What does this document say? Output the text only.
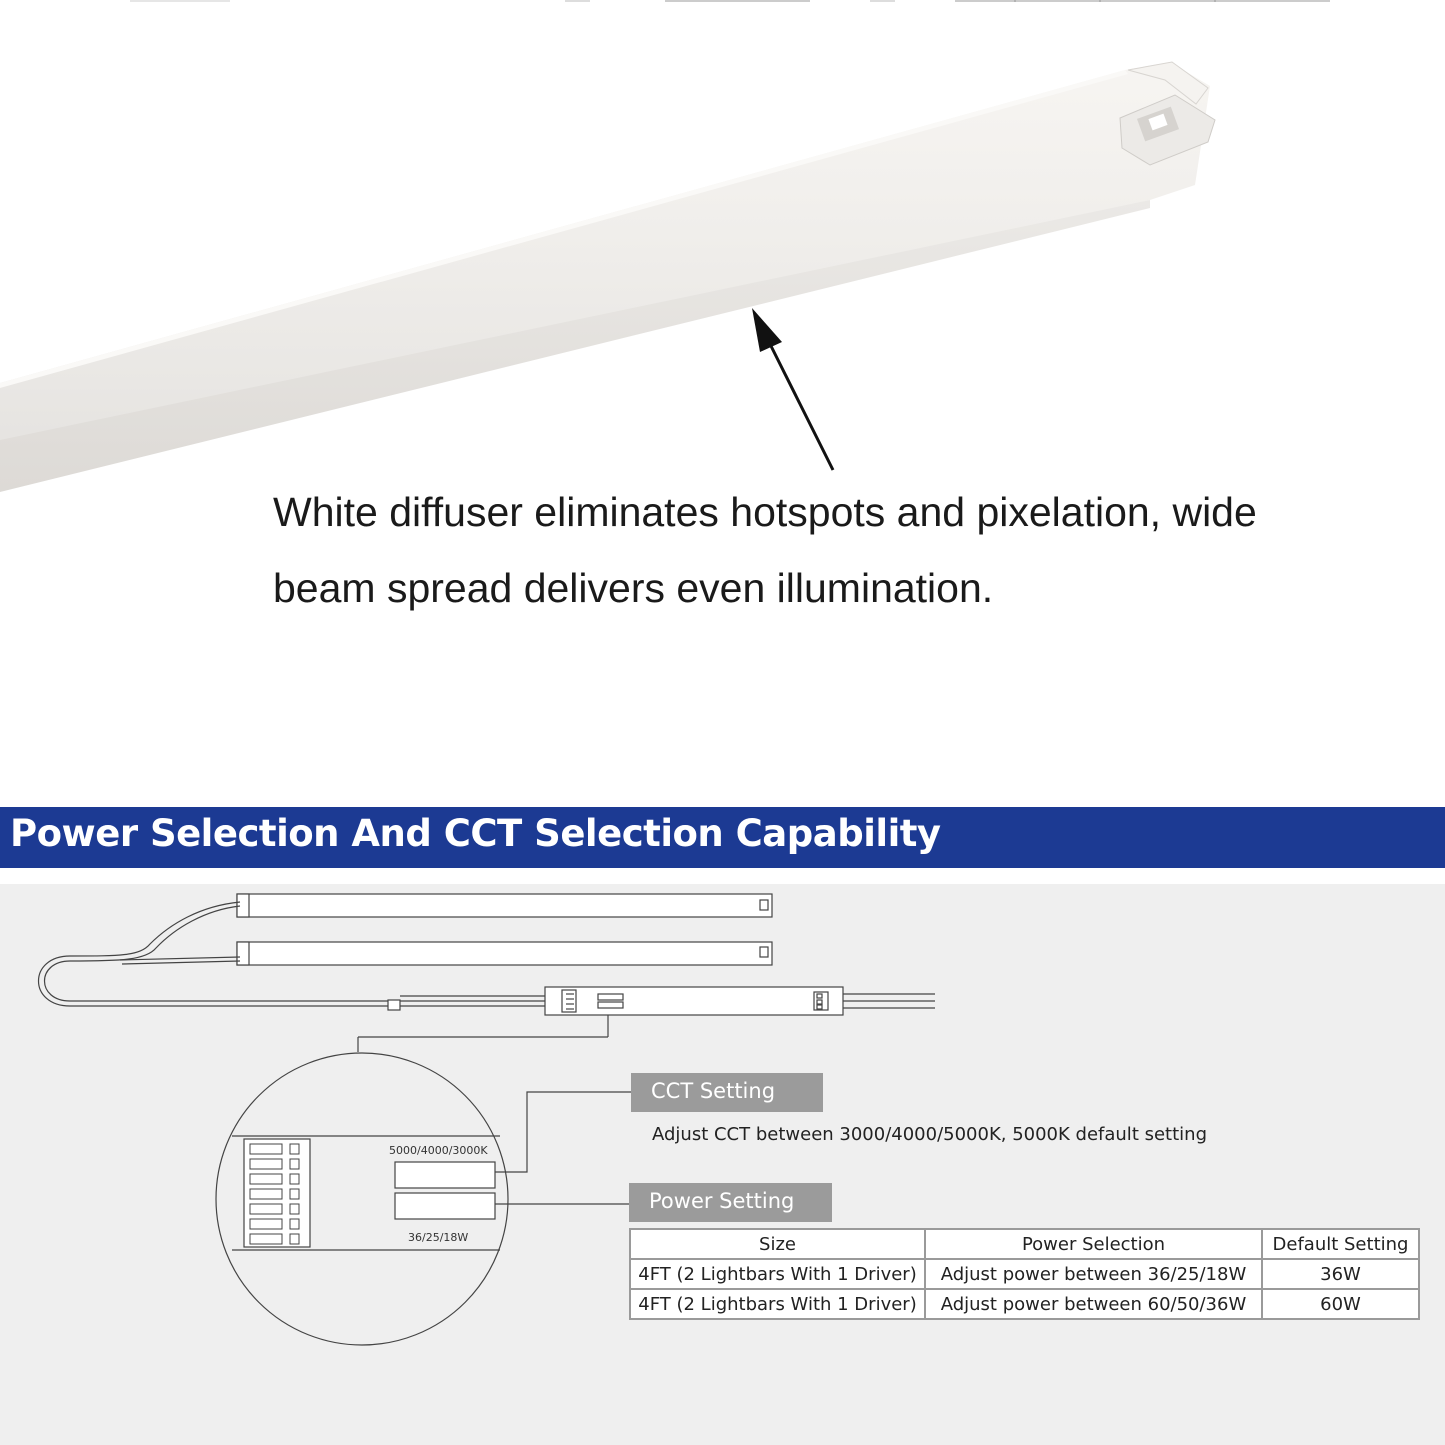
White diffuser eliminates hotspots and pixelation, wide
beam spread delivers even illumination.
Power Selection And CCT Selection Capability
5000/4000/3000K
36/25/18W
CCT Setting
Adjust CCT between 3000/4000/5000K, 5000K default setting
Power Setting
Size	Power Selection	Default Setting
4FT (2 Lightbars With 1 Driver)	Adjust power between 36/25/18W	36W
4FT (2 Lightbars With 1 Driver)	Adjust power between 60/50/36W	60W
